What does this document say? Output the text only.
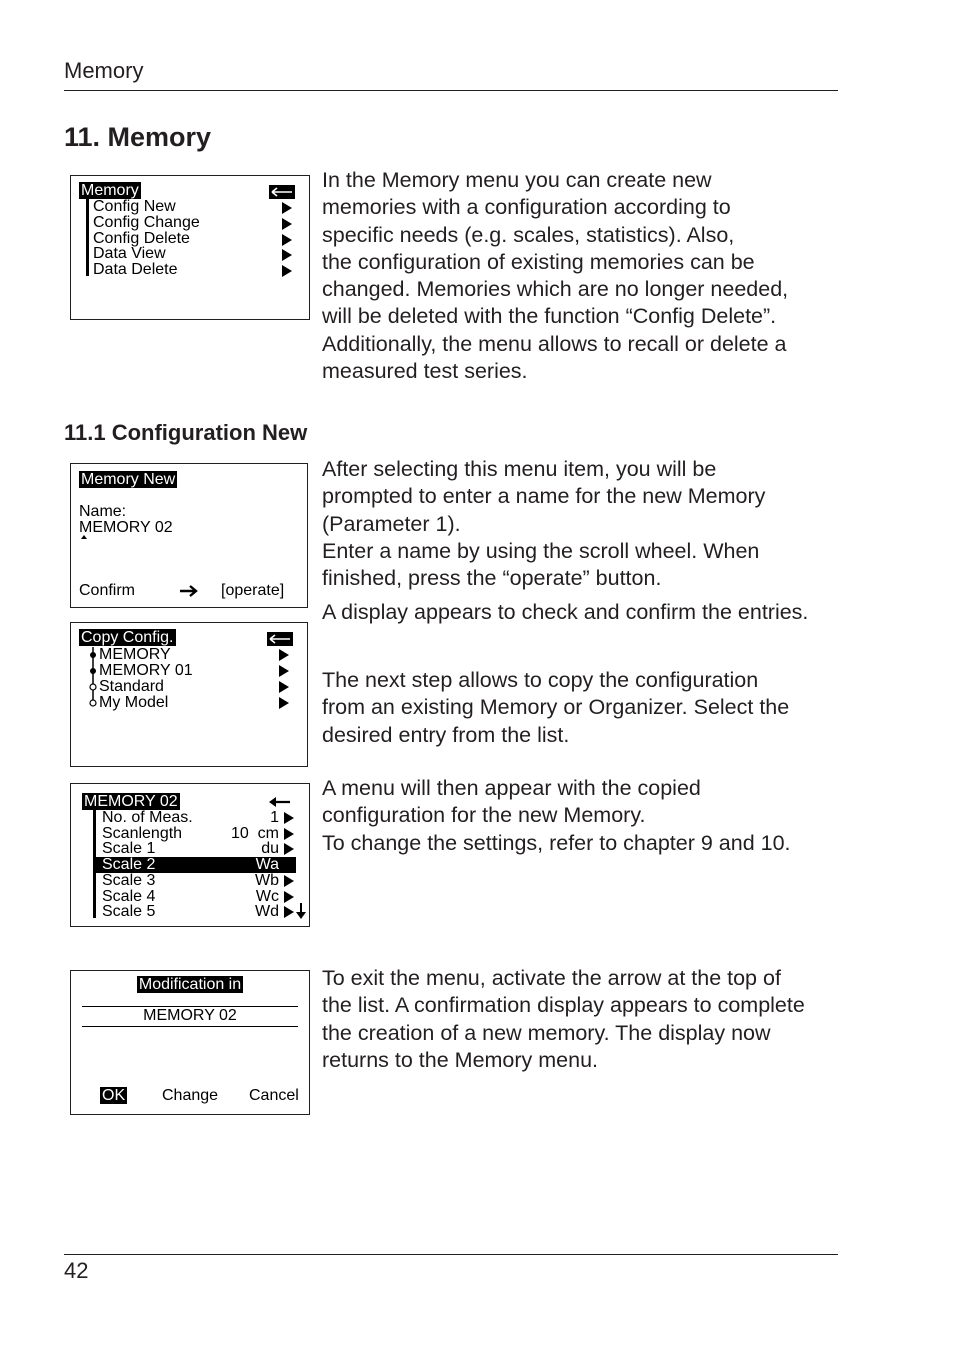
Memory
11. Memory
Memory
Config New
Config Change
Config Delete
Data View
Data Delete
In the Memory menu you can create new
memories with a configuration according to
specific needs (e.g. scales, statistics). Also,
the configuration of existing memories can be
changed. Memories which are no longer needed,
will be deleted with the function “Config Delete”.
Additionally, the menu allows to recall or delete a
measured test series.
11.1 Configuration New
Memory New
Name:
MEMORY 02
Confirm	[operate]
After selecting this menu item, you will be
prompted to enter a name for the new Memory
(Parameter 1).
Enter a name by using the scroll wheel. When
finished, press the “operate” button.
A display appears to check and confirm the entries.
Copy Config.
MEMORY
MEMORY 01
Standard
My Model
The next step allows to copy the configuration
from an existing Memory or Organizer. Select the
desired entry from the list.
MEMORY 02
No. of Meas.
Scanlength
Scale 1
Scale 2
Scale 3
Scale 4
Scale 5
1
10  cm
du
Wa
Wb
Wc
Wd
A menu will then appear with the copied
configuration for the new Memory.
To change the settings, refer to chapter 9 and 10.
Modification in
MEMORY 02
OK Change Cancel
To exit the menu, activate the arrow at the top of
the list. A confirmation display appears to complete
the creation of a new memory. The display now
returns to the Memory menu.
42
